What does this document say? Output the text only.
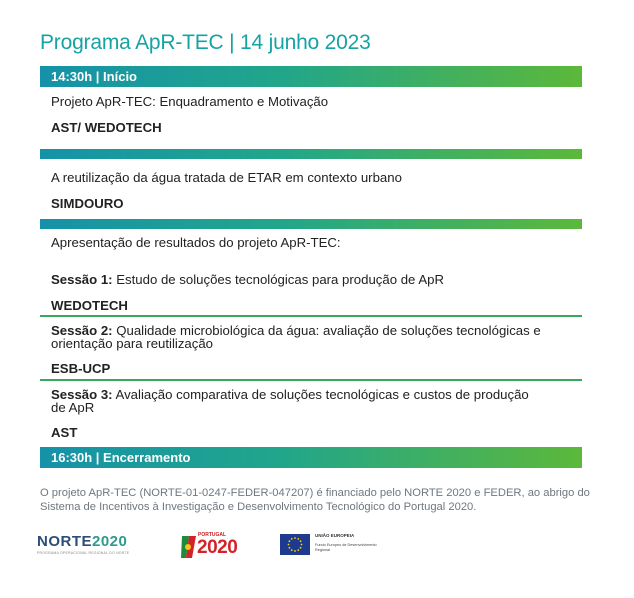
Programa ApR-TEC | 14 junho 2023
14:30h | Início
Projeto ApR-TEC: Enquadramento e Motivação
AST/ WEDOTECH
A reutilização da água tratada de ETAR em contexto urbano
SIMDOURO
Apresentação de resultados do projeto ApR-TEC:
Sessão 1: Estudo de soluções tecnológicas para produção de ApR
WEDOTECH
Sessão 2: Qualidade microbiológica da água: avaliação de soluções tecnológicas e
orientação para reutilização
ESB-UCP
Sessão 3: Avaliação comparativa de soluções tecnológicas e custos de produção
de ApR
AST
16:30h | Encerramento
O projeto ApR-TEC (NORTE-01-0247-FEDER-047207) é financiado pelo NORTE 2020 e FEDER, ao abrigo do
Sistema de Incentivos à Investigação e Desenvolvimento Tecnológico do Portugal 2020.
NORTE2020
PROGRAMA OPERACIONAL REGIONAL DO NORTE
PORTUGAL
2020
UNIÃO EUROPEIA
Fundo Europeu de Desenvolvimento Regional
